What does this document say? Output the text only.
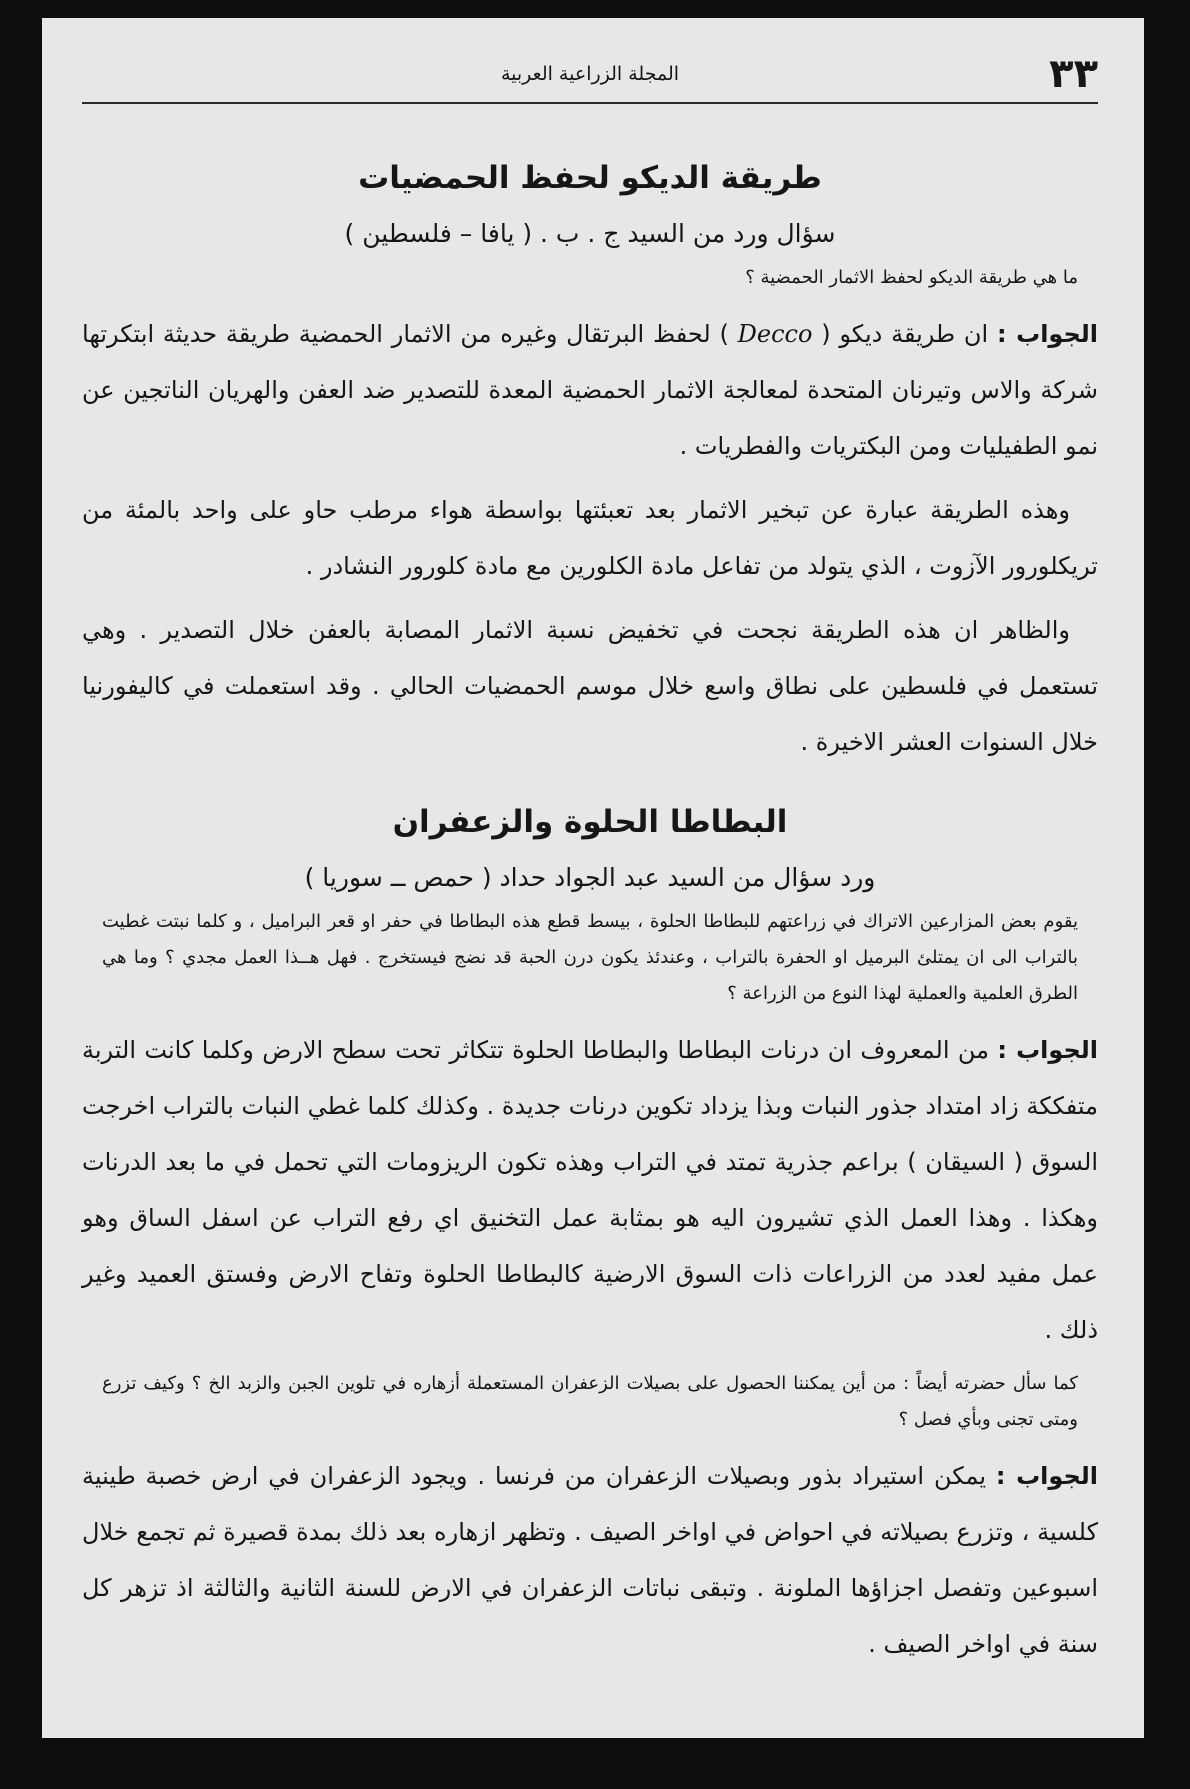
٣٣
المجلة الزراعية العربية
طريقة الديكو لحفظ الحمضيات
سؤال ورد من السيد ج . ب . ( يافا – فلسطين )
ما هي طريقة الديكو لحفظ الاثمار الحمضية ؟
الجواب : ان طريقة ديكو ( Decco ) لحفظ البرتقال وغيره من الاثمار الحمضية طريقة حديثة ابتكرتها شركة والاس وتيرنان المتحدة لمعالجة الاثمار الحمضية المعدة للتصدير ضد العفن والهريان الناتجين عن نمو الطفيليات ومن البكتريات والفطريات .
وهذه الطريقة عبارة عن تبخير الاثمار بعد تعبئتها بواسطة هواء مرطب حاو على واحد بالمئة من تريكلورور الآزوت ، الذي يتولد من تفاعل مادة الكلورين مع مادة كلورور النشادر .
والظاهر ان هذه الطريقة نجحت في تخفيض نسبة الاثمار المصابة بالعفن خلال التصدير . وهي تستعمل في فلسطين على نطاق واسع خلال موسم الحمضيات الحالي . وقد استعملت في كاليفورنيا خلال السنوات العشر الاخيرة .
البطاطا الحلوة والزعفران
ورد سؤال من السيد عبد الجواد حداد ( حمص ــ سوريا )
يقوم بعض المزارعين الاتراك في زراعتهم للبطاطا الحلوة ، بيسط قطع هذه البطاطا في حفر او قعر البراميل ، و كلما نبتت غطيت بالتراب الى ان يمتلئ البرميل او الحفرة بالتراب ، وعندئذ يكون درن الحبة قد نضج فيستخرج . فهل هــذا العمل مجدي ؟ وما هي الطرق العلمية والعملية لهذا النوع من الزراعة ؟
الجواب : من المعروف ان درنات البطاطا والبطاطا الحلوة تتكاثر تحت سطح الارض وكلما كانت التربة متفككة زاد امتداد جذور النبات وبذا يزداد تكوين درنات جديدة . وكذلك كلما غطي النبات بالتراب اخرجت السوق ( السيقان ) براعم جذرية تمتد في التراب وهذه تكون الريزومات التي تحمل في ما بعد الدرنات وهكذا . وهذا العمل الذي تشيرون اليه هو بمثابة عمل التخنيق اي رفع التراب عن اسفل الساق وهو عمل مفيد لعدد من الزراعات ذات السوق الارضية كالبطاطا الحلوة وتفاح الارض وفستق العميد وغير ذلك .
كما سأل حضرته أيضاً : من أين يمكننا الحصول على بصيلات الزعفران المستعملة أزهاره في تلوين الجبن والزبد الخ ؟ وكيف تزرع ومتى تجنى وبأي فصل ؟
الجواب : يمكن استيراد بذور وبصيلات الزعفران من فرنسا . ويجود الزعفران في ارض خصبة طينية كلسية ، وتزرع بصيلاته في احواض في اواخر الصيف . وتظهر ازهاره بعد ذلك بمدة قصيرة ثم تجمع خلال اسبوعين وتفصل اجزاؤها الملونة . وتبقى نباتات الزعفران في الارض للسنة الثانية والثالثة اذ تزهر كل سنة في اواخر الصيف .
